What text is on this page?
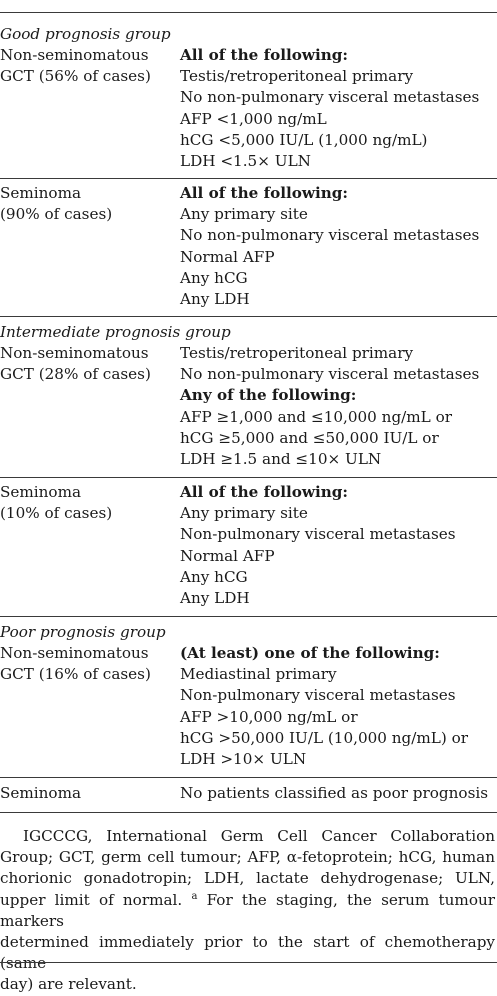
Good prognosis group
Non-seminomatous
GCT (56% of cases)
All of the following:
Testis/retroperitoneal primary
No non-pulmonary visceral metastases
AFP <1,000 ng/mL
hCG <5,000 IU/L (1,000 ng/mL)
LDH <1.5× ULN
Seminoma
(90% of cases)
All of the following:
Any primary site
No non-pulmonary visceral metastases
Normal AFP
Any hCG
Any LDH
Intermediate prognosis group
Non-seminomatous
GCT (28% of cases)
Testis/retroperitoneal primary
No non-pulmonary visceral metastases
Any of the following:
AFP ≥1,000 and ≤10,000 ng/mL or
hCG ≥5,000 and ≤50,000 IU/L or
LDH ≥1.5 and ≤10× ULN
Seminoma
(10% of cases)
All of the following:
Any primary site
Non-pulmonary visceral metastases
Normal AFP
Any hCG
Any LDH
Poor prognosis group
Non-seminomatous
GCT (16% of cases)
(At least) one of the following:
Mediastinal primary
Non-pulmonary visceral metastases
AFP >10,000 ng/mL or
hCG >50,000 IU/L (10,000 ng/mL) or
LDH >10× ULN
Seminoma	No patients classified as poor prognosis
IGCCCG, International Germ Cell Cancer Collaboration
Group; GCT, germ cell tumour; AFP, α-fetoprotein; hCG, human
chorionic gonadotropin; LDH, lactate dehydrogenase; ULN,
upper limit of normal. $^a$ For the staging, the serum tumour markers
determined immediately prior to the start of chemotherapy (same
day) are relevant.
